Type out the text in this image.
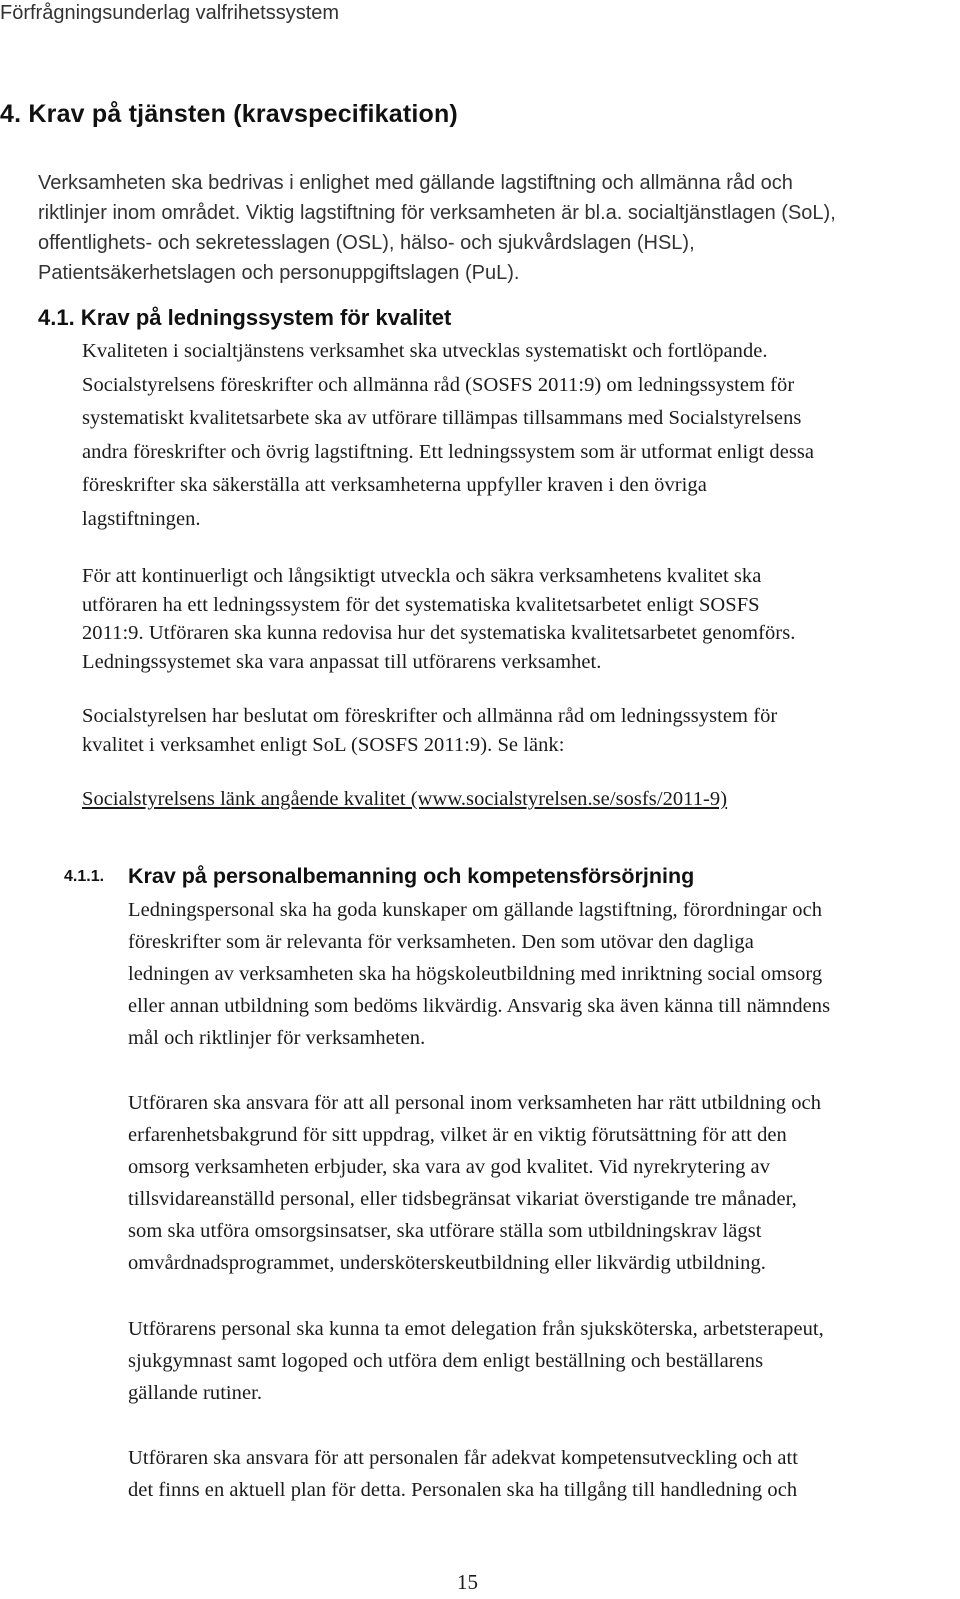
Förfrågningsunderlag valfrihetssystem
4. Krav på tjänsten (kravspecifikation)
Verksamheten ska bedrivas i enlighet med gällande lagstiftning och allmänna råd och
riktlinjer inom området. Viktig lagstiftning för verksamheten är bl.a. socialtjänstlagen (SoL),
offentlighets- och sekretesslagen (OSL), hälso- och sjukvårdslagen (HSL),
Patientsäkerhetslagen och personuppgiftslagen (PuL).
4.1. Krav på ledningssystem för kvalitet
Kvaliteten i socialtjänstens verksamhet ska utvecklas systematiskt och fortlöpande.
Socialstyrelsens föreskrifter och allmänna råd (SOSFS 2011:9) om ledningssystem för
systematiskt kvalitetsarbete ska av utförare tillämpas tillsammans med Socialstyrelsens
andra föreskrifter och övrig lagstiftning. Ett ledningssystem som är utformat enligt dessa
föreskrifter ska säkerställa att verksamheterna uppfyller kraven i den övriga
lagstiftningen.
För att kontinuerligt och långsiktigt utveckla och säkra verksamhetens kvalitet ska
utföraren ha ett ledningssystem för det systematiska kvalitetsarbetet enligt SOSFS
2011:9. Utföraren ska kunna redovisa hur det systematiska kvalitetsarbetet genomförs.
Ledningssystemet ska vara anpassat till utförarens verksamhet.
Socialstyrelsen har beslutat om föreskrifter och allmänna råd om ledningssystem för
kvalitet i verksamhet enligt SoL (SOSFS 2011:9). Se länk:
Socialstyrelsens länk angående kvalitet (www.socialstyrelsen.se/sosfs/2011-9)
4.1.1. Krav på personalbemanning och kompetensförsörjning
Ledningspersonal ska ha goda kunskaper om gällande lagstiftning, förordningar och
föreskrifter som är relevanta för verksamheten. Den som utövar den dagliga
ledningen av verksamheten ska ha högskoleutbildning med inriktning social omsorg
eller annan utbildning som bedöms likvärdig. Ansvarig ska även känna till nämndens
mål och riktlinjer för verksamheten.
Utföraren ska ansvara för att all personal inom verksamheten har rätt utbildning och
erfarenhetsbakgrund för sitt uppdrag, vilket är en viktig förutsättning för att den
omsorg verksamheten erbjuder, ska vara av god kvalitet. Vid nyrekrytering av
tillsvidareanställd personal, eller tidsbegränsat vikariat överstigande tre månader,
som ska utföra omsorgsinsatser, ska utförare ställa som utbildningskrav lägst
omvårdnadsprogrammet, undersköterskeutbildning eller likvärdig utbildning.
Utförarens personal ska kunna ta emot delegation från sjuksköterska, arbetsterapeut,
sjukgymnast samt logoped och utföra dem enligt beställning och beställarens
gällande rutiner.
Utföraren ska ansvara för att personalen får adekvat kompetensutveckling och att
det finns en aktuell plan för detta. Personalen ska ha tillgång till handledning och
15
